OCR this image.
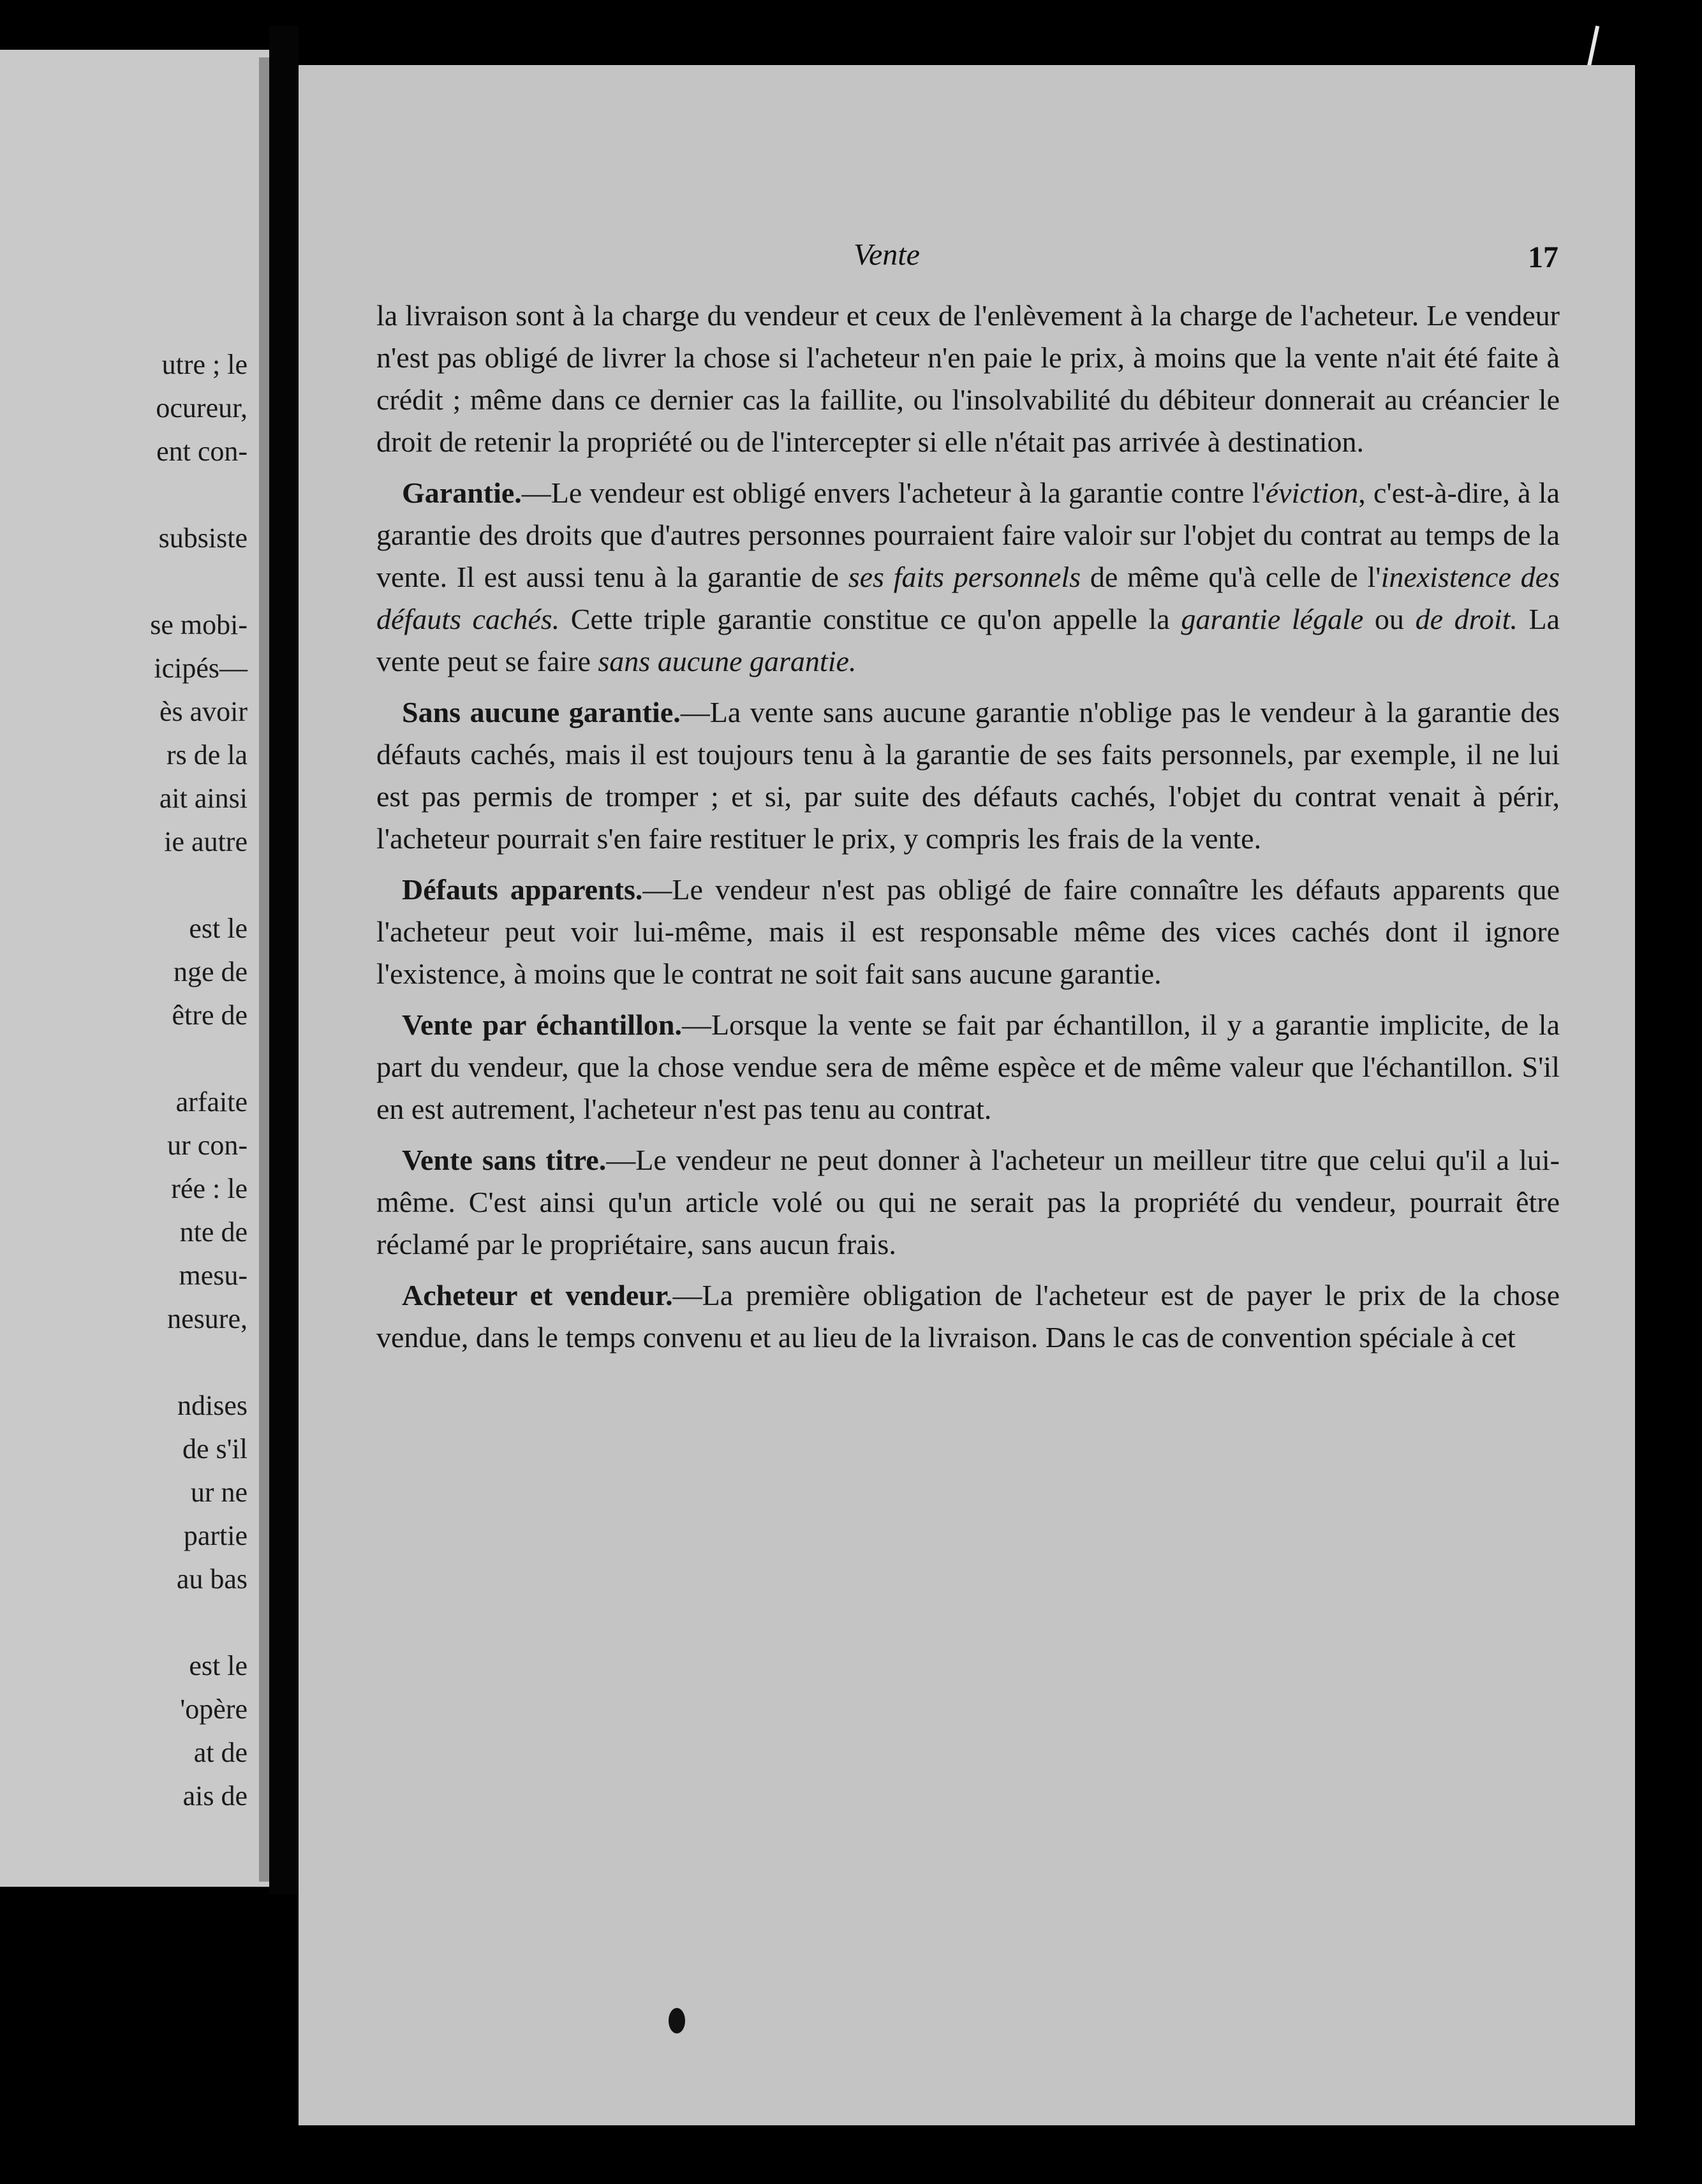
utre ; le
ocureur,
ent con-
subsiste
se mobi-
icipés—
ès avoir
rs de la
ait ainsi
ie autre
est le
nge de
être de
arfaite
ur con-
rée : le
nte de
mesu-
nesure,
ndises
de s'il
ur ne
partie
au bas
est le
'opère
at de
ais de
Vente	17

la livraison sont à la charge du vendeur et ceux de l'enlèvement à la charge de l'acheteur. Le vendeur n'est pas obligé de livrer la chose si l'acheteur n'en paie le prix, à moins que la vente n'ait été faite à crédit ; même dans ce dernier cas la faillite, ou l'insolvabilité du débiteur donnerait au créancier le droit de retenir la propriété ou de l'intercepter si elle n'était pas arrivée à destination.

Garantie.—Le vendeur est obligé envers l'acheteur à la garantie contre l'éviction, c'est-à-dire, à la garantie des droits que d'autres personnes pourraient faire valoir sur l'objet du contrat au temps de la vente. Il est aussi tenu à la garantie de ses faits personnels de même qu'à celle de l'inexistence des défauts cachés. Cette triple garantie constitue ce qu'on appelle la garantie légale ou de droit. La vente peut se faire sans aucune garantie.

Sans aucune garantie.—La vente sans aucune garantie n'oblige pas le vendeur à la garantie des défauts cachés, mais il est toujours tenu à la garantie de ses faits personnels, par exemple, il ne lui est pas permis de tromper ; et si, par suite des défauts cachés, l'objet du contrat venait à périr, l'acheteur pourrait s'en faire restituer le prix, y compris les frais de la vente.

Défauts apparents.—Le vendeur n'est pas obligé de faire connaître les défauts apparents que l'acheteur peut voir lui-même, mais il est responsable même des vices cachés dont il ignore l'existence, à moins que le contrat ne soit fait sans aucune garantie.

Vente par échantillon.—Lorsque la vente se fait par échantillon, il y a garantie implicite, de la part du vendeur, que la chose vendue sera de même espèce et de même valeur que l'échantillon. S'il en est autrement, l'acheteur n'est pas tenu au contrat.

Vente sans titre.—Le vendeur ne peut donner à l'acheteur un meilleur titre que celui qu'il a lui-même. C'est ainsi qu'un article volé ou qui ne serait pas la propriété du vendeur, pourrait être réclamé par le propriétaire, sans aucun frais.

Acheteur et vendeur.—La première obligation de l'acheteur est de payer le prix de la chose vendue, dans le temps convenu et au lieu de la livraison. Dans le cas de convention spéciale à cet
